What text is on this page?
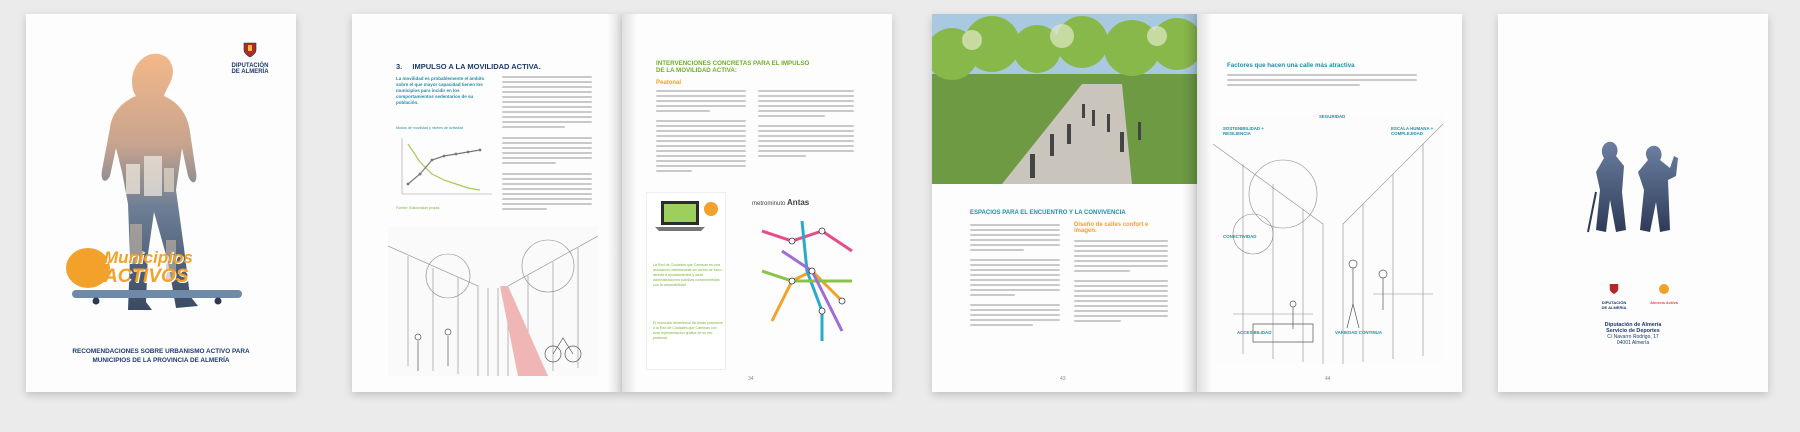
DIPUTACIÓN
DE ALMERÍA
Municipios
ACTIVOS
RECOMENDACIONES SOBRE URBANISMO ACTIVO PARA
MUNICIPIOS DE LA PROVINCIA DE ALMERÍA
3. IMPULSO A LA MOVILIDAD ACTIVA.
La movilidad es probablemente el ámbito sobre el que mayor capacidad tienen los municipios para incidir en los comportamientos sedentarios de su población.
Modos de movilidad y niveles de actividad
Fuente: Elaboración propia.
INTERVENCIONES CONCRETAS PARA EL IMPULSO
DE LA MOVILIDAD ACTIVA:
Peatonal
La Red de Ciudades que Caminan es una asociación internacional sin ánimo de lucro, abierta a ayuntamientos y otras administraciones públicas comprometidas con la caminabilidad.
El municipio almeriense de Antas promueve a la Red de Ciudades que Caminan con esta representación gráfica de su red peatonal.
metrominuto Antas
34
ESPACIOS PARA EL ENCUENTRO Y LA CONVIVENCIA
Diseño de calles confort e
imagen.
43
Factores que hacen una calle más atractiva
SOSTENIBILIDAD + RESILIENCIA
SEGURIDAD
ESCALA HUMANA + COMPLEJIDAD
CONECTIVIDAD
ACCESIBILIDAD	VARIEDAD CONTINUA
44
DIPUTACIÓN
DE ALMERÍA
Almería Activa
Diputación de Almería
Servicio de Deportes
C/ Navarro Rodrigo, 17
04001 Almería
